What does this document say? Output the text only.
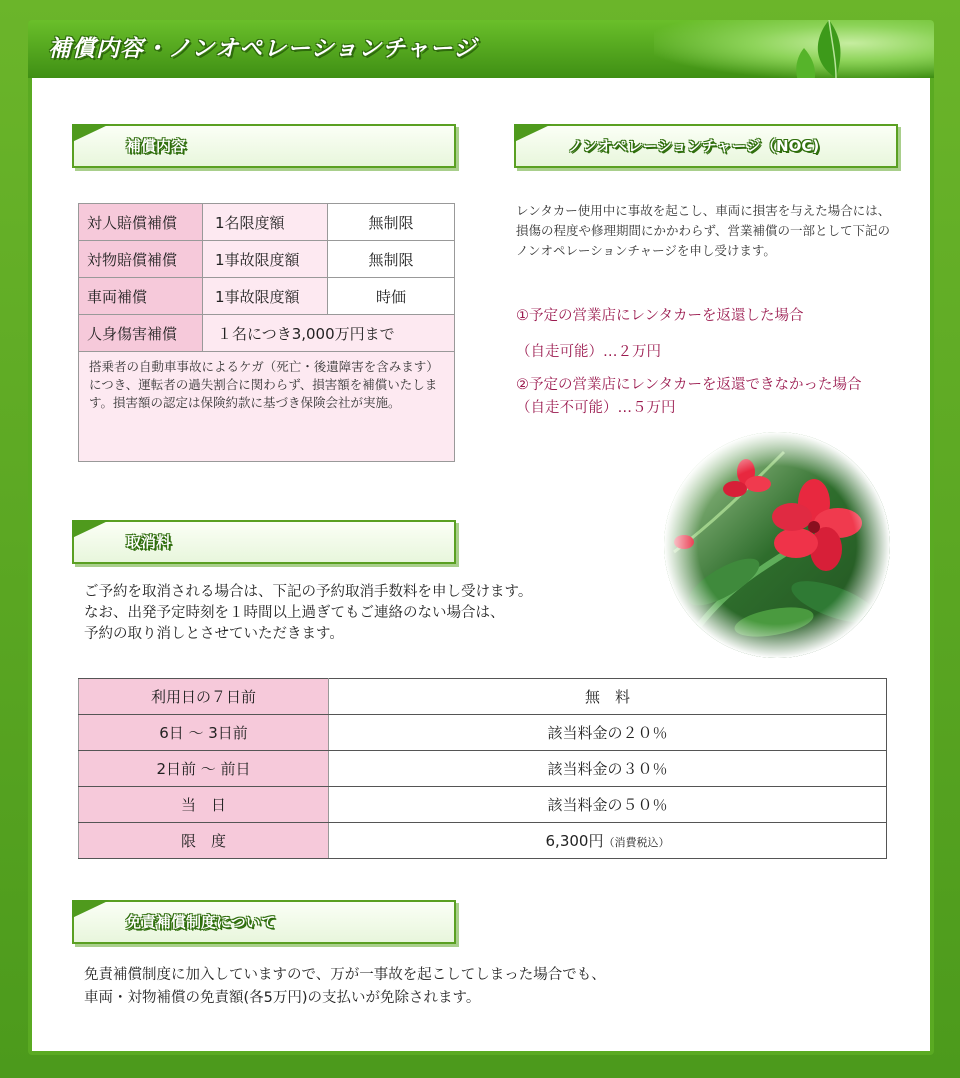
補償内容・ノンオペレーションチャージ
補償内容	ノンオペレーションチャージ（NOC)
対人賠償補償	1名限度額	無制限
対物賠償補償	1事故限度額	無制限
車両補償	1事故限度額	時価
人身傷害補償	１名につき3,000万円まで	
搭乗者の自動車事故によるケガ（死亡・後遺障害を含みます）につき、運転者の過失割合に関わらず、損害額を補償いたします。損害額の認定は保険約款に基づき保険会社が実施。		
レンタカー使用中に事故を起こし、車両に損害を与えた場合には、損傷の程度や修理期間にかかわらず、営業補償の一部として下記のノンオペレーションチャージを申し受けます。
①予定の営業店にレンタカーを返還した場合
（自走可能）…２万円
②予定の営業店にレンタカーを返還できなかった場合
（自走不可能）…５万円
取消料
ご予約を取消される場合は、下記の予約取消手数料を申し受けます。
なお、出発予定時刻を１時間以上過ぎてもご連絡のない場合は、
予約の取り消しとさせていただきます。
利用日の７日前	無　料
6日 ～ 3日前	該当料金の２０％
2日前 ～ 前日	該当料金の３０％
当　日	該当料金の５０％
限　度	6,300円（消費税込）
免責補償制度について
免責補償制度に加入していますので、万が一事故を起こしてしまった場合でも、
車両・対物補償の免責額(各5万円)の支払いが免除されます。
